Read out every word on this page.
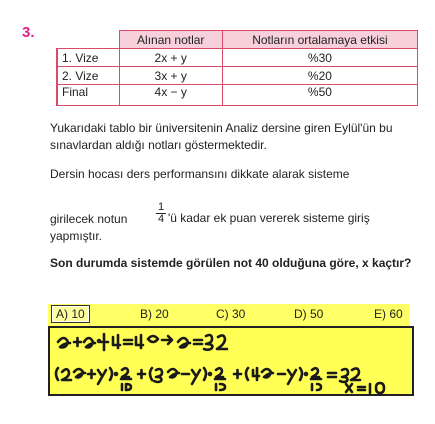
3.
		Alınan notlar	Notların ortalamaya etkisi
1. Vize	2x + y	%30
2. Vize	3x + y	%20
Final	4x − y	%50
Yukarıdaki tablo bir üniversitenin Analiz dersine giren Eylül'ün bu sınavlardan aldığı notları göstermektedir.
Dersin hocası ders performansını dikkate alarak sisteme
girilecek notun	$\frac{1}{4}$ 'ü kadar ek puan vererek sisteme giriş
yapmıştır.
Son durumda sistemde görülen not 40 olduğuna göre, x kaçtır?
A) 10	B) 20	C) 30	D) 50	E) 60
